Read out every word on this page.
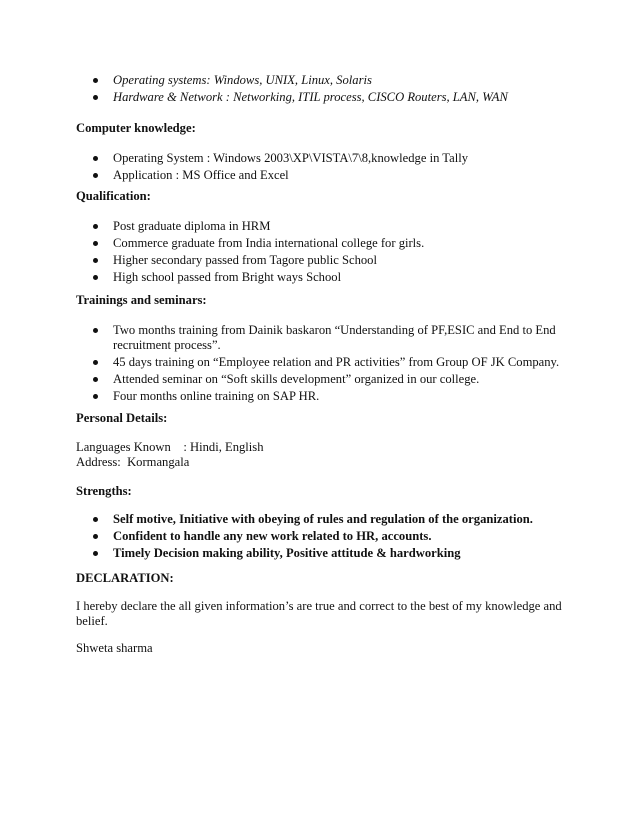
Operating systems: Windows, UNIX, Linux, Solaris
Hardware & Network : Networking, ITIL process, CISCO Routers, LAN, WAN

Computer knowledge:

Operating System : Windows 2003\XP\VISTA\7\8,knowledge in Tally
Application : MS Office and Excel

Qualification:

Post graduate diploma in HRM
Commerce graduate from India international college for girls.
Higher secondary passed from Tagore public School
High school passed from Bright ways School

Trainings and seminars:

Two months training from Dainik baskaron “Understanding of PF,ESIC and End to End recruitment process”.
45 days training on “Employee relation and PR activities” from Group OF JK Company.
Attended seminar on “Soft skills development” organized in our college.
Four months online training on SAP HR.

Personal Details:

Languages Known    : Hindi, English
Address:  Kormangala

Strengths:

Self motive, Initiative with obeying of rules and regulation of the organization.
Confident to handle any new work related to HR, accounts.
Timely Decision making ability, Positive attitude & hardworking

DECLARATION:

I hereby declare the all given information’s are true and correct to the best of my knowledge and belief.

Shweta sharma
